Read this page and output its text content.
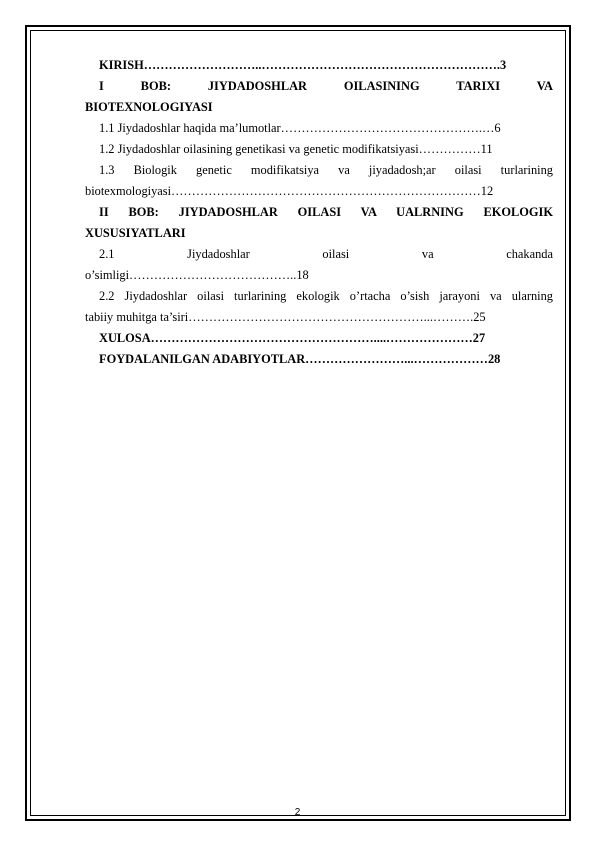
KIRISH………………………..………………………………………………….3
I BOB: JIYDADOSHLAR OILASINING TARIXI VA
BIOTEXNOLOGIYASI
1.1 Jiydadoshlar haqida ma’lumotlar………………………………………….…6
1.2 Jiydadoshlar oilasining genetikasi va genetic modifikatsiyasi……………11
1.3 Biologik genetic modifikatsiya va jiyadadosh;ar oilasi turlarining
biotexmologiyasi…………………………………………………………………12
II BOB: JIYDADOSHLAR OILASI VA UALRNING EKOLOGIK
XUSUSIYATLARI
2.1 Jiydadoshlar oilasi va chakanda
o’simligi…………………………………..18
2.2 Jiydadoshlar oilasi turlarining ekologik o’rtacha o’sish jarayoni va ularning
tabiiy muhitga ta’siri…………………………………………………...……….25
XULOSA………………………………………………....…………………27
FOYDALANILGAN ADABIYOTLAR……………………...………………28
2
